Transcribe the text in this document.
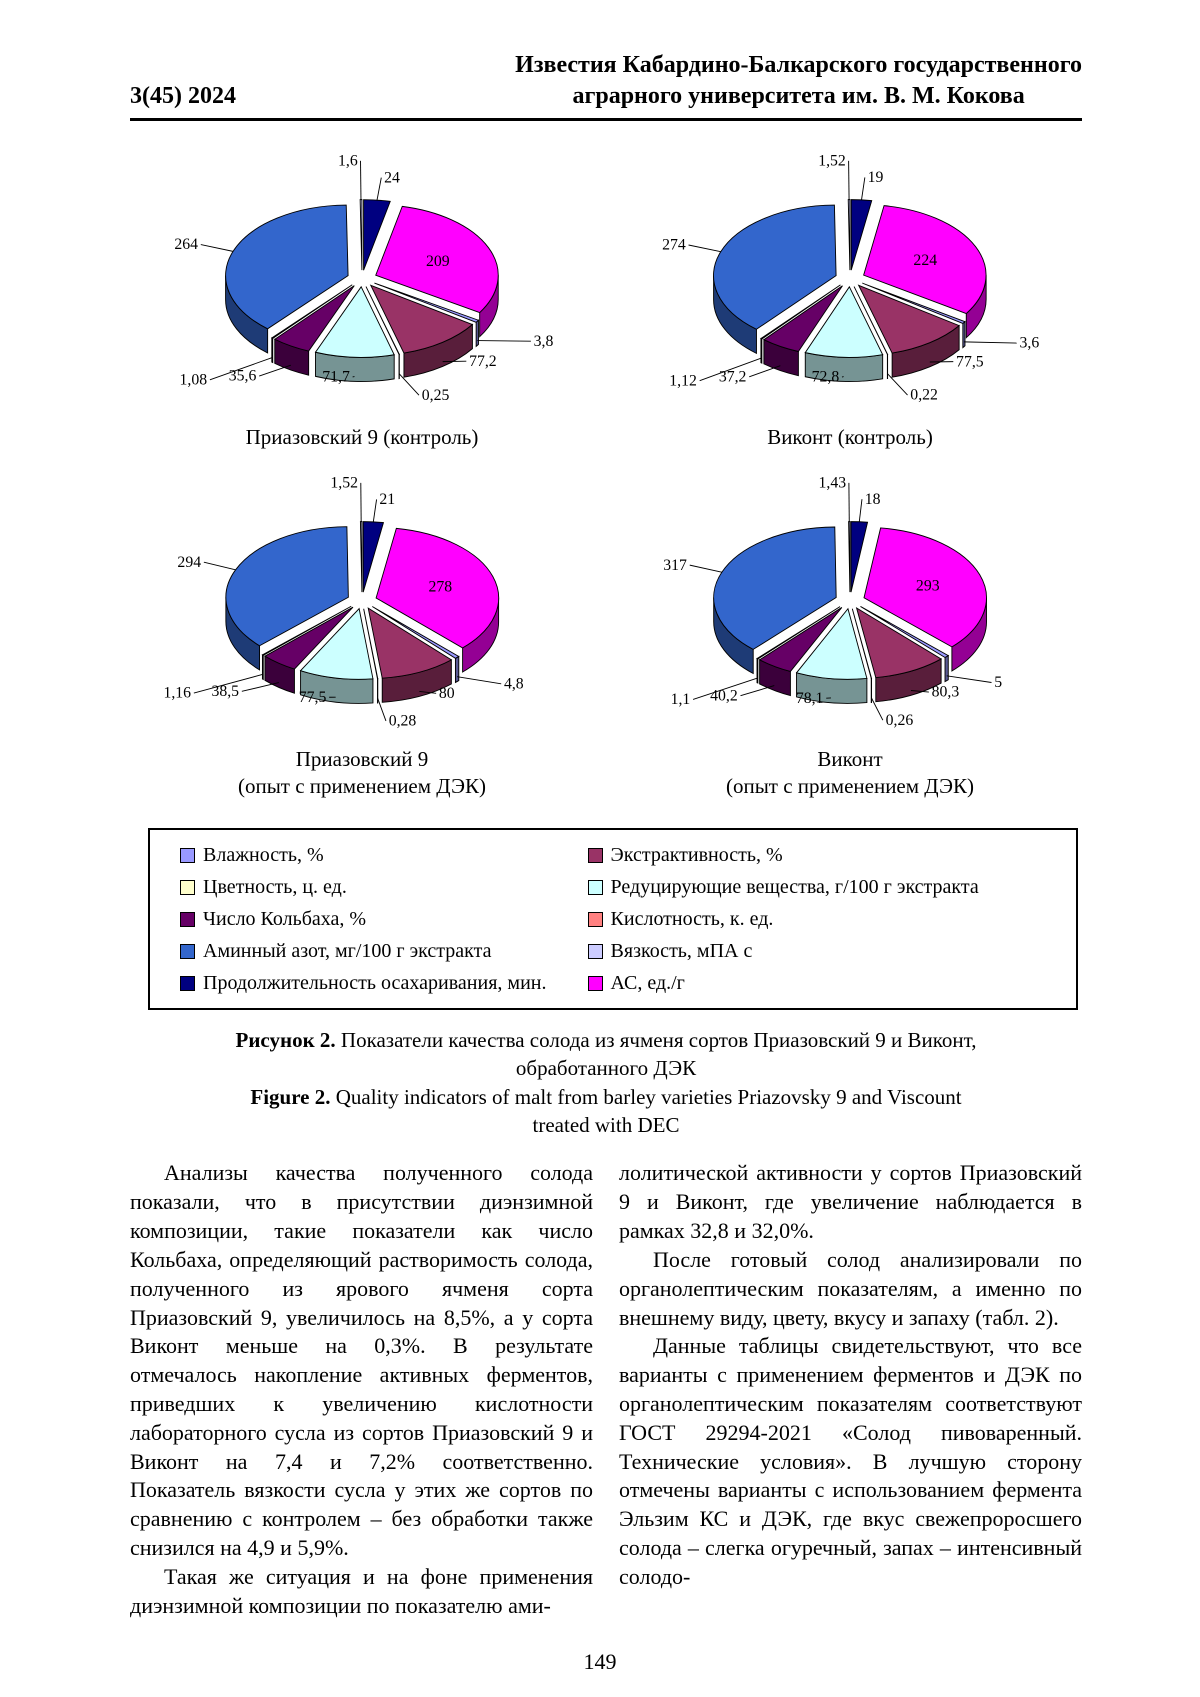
3(45) 2024
Известия Кабардино-Балкарского государственного
аграрного университета им. В. М. Кокова
24
209
3,8
77,2
0,25
71,7
35,6
1,08
264
1,6
Приазовский 9 (контроль)
19
224
3,6
77,5
0,22
72,8
37,2
1,12
274
1,52
Виконт (контроль)
21
278
4,8
80
0,28
77,5
38,5
1,16
294
1,52
Приазовский 9
(опыт с применением ДЭК)
18
293
5
80,3
0,26
78,1
40,2
1,1
317
1,43
Виконт
(опыт с применением ДЭК)
Влажность, %
Цветность, ц. ед.
Число Кольбаха, %
Аминный азот, мг/100 г экстракта
Продолжительность осахаривания, мин.
Экстрактивность, %
Редуцирующие вещества, г/100 г экстракта
Кислотность, к. ед.
Вязкость, мПА с
АС, ед./г

Рисунок 2. Показатели качества солода из ячменя сортов Приазовский 9 и Виконт,

обработанного ДЭК

Figure 2. Quality indicators of malt from barley varieties Priazovsky 9 and Viscount

treated with DEC

Анализы качества полученного солода показали, что в присутствии диэнзимной композиции, такие показатели как число Кольбаха, определяющий растворимость солода, полученного из ярового ячменя сорта Приазовский 9, увеличилось на 8,5%, а у сорта Виконт меньше на 0,3%. В результате отмечалось накопление активных ферментов, приведших к увеличению кислотности лабораторного сусла из сортов Приазовский 9 и Виконт на 7,4 и 7,2% соответственно. Показатель вязкости сусла у этих же сортов по сравнению с контролем – без обработки также снизился на 4,9 и 5,9%.

Такая же ситуация и на фоне применения диэнзимной композиции по показателю ами-

лолитической активности у сортов Приазовский 9 и Виконт, где увеличение наблюдается в рамках 32,8 и 32,0%.

После готовый солод анализировали по органолептическим показателям, а именно по внешнему виду, цвету, вкусу и запаху (табл. 2).

Данные таблицы свидетельствуют, что все варианты с применением ферментов и ДЭК по органолептическим показателям соответствуют ГОСТ 29294-2021 «Солод пивоваренный. Технические условия». В лучшую сторону отмечены варианты с использованием фермента Эльзим КС и ДЭК, где вкус свежепроросшего солода – слегка огуречный, запах – интенсивный солодо-

149
